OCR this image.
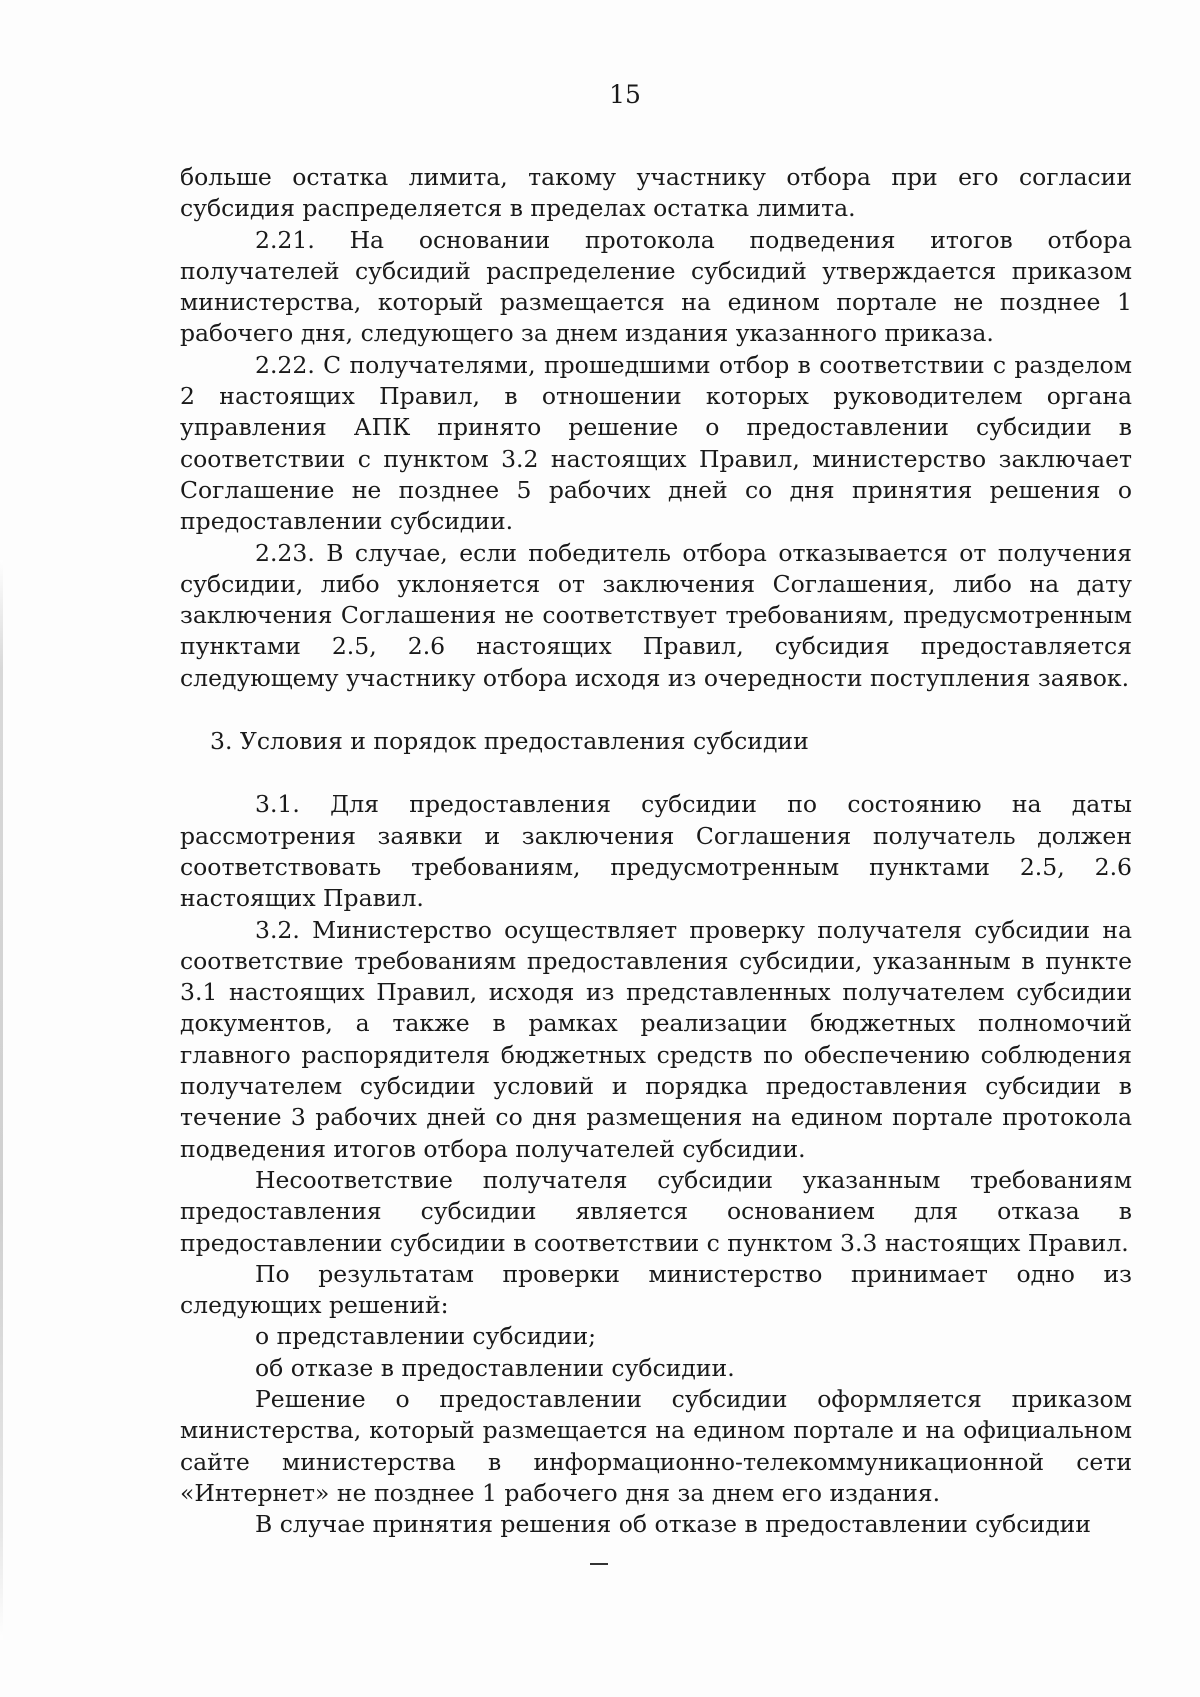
15

больше остатка лимита, такому участнику отбора при его согласии субсидия распределяется в пределах остатка лимита.

2.21. На основании протокола подведения итогов отбора получателей субсидий распределение субсидий утверждается приказом министерства, который размещается на едином портале не позднее 1 рабочего дня, следующего за днем издания указанного приказа.

2.22. С получателями, прошедшими отбор в соответствии с разделом 2 настоящих Правил, в отношении которых руководителем органа управления АПК принято решение о предоставлении субсидии в соответствии с пунктом 3.2 настоящих Правил, министерство заключает Соглашение не позднее 5 рабочих дней со дня принятия решения о предоставлении субсидии.

2.23. В случае, если победитель отбора отказывается от получения субсидии, либо уклоняется от заключения Соглашения, либо на дату заключения Соглашения не соответствует требованиям, предусмотренным пунктами 2.5, 2.6 настоящих Правил, субсидия предоставляется следующему участнику отбора исходя из очередности поступления заявок.

3. Условия и порядок предоставления субсидии

3.1. Для предоставления субсидии по состоянию на даты рассмотрения заявки и заключения Соглашения получатель должен соответствовать требованиям, предусмотренным пунктами 2.5, 2.6 настоящих Правил.

3.2. Министерство осуществляет проверку получателя субсидии на соответствие требованиям предоставления субсидии, указанным в пункте 3.1 настоящих Правил, исходя из представленных получателем субсидии документов, а также в рамках реализации бюджетных полномочий главного распорядителя бюджетных средств по обеспечению соблюдения получателем субсидии условий и порядка предоставления субсидии в течение 3 рабочих дней со дня размещения на едином портале протокола подведения итогов отбора получателей субсидии.

Несоответствие получателя субсидии указанным требованиям предоставления субсидии является основанием для отказа в предоставлении субсидии в соответствии с пунктом 3.3 настоящих Правил.

По результатам проверки министерство принимает одно из следующих решений:

о представлении субсидии;

об отказе в предоставлении субсидии.

Решение о предоставлении субсидии оформляется приказом министерства, который размещается на едином портале и на официальном сайте министерства в информационно-телекоммуникационной сети «Интернет» не позднее 1 рабочего дня за днем его издания.

В случае принятия решения об отказе в предоставлении субсидии
